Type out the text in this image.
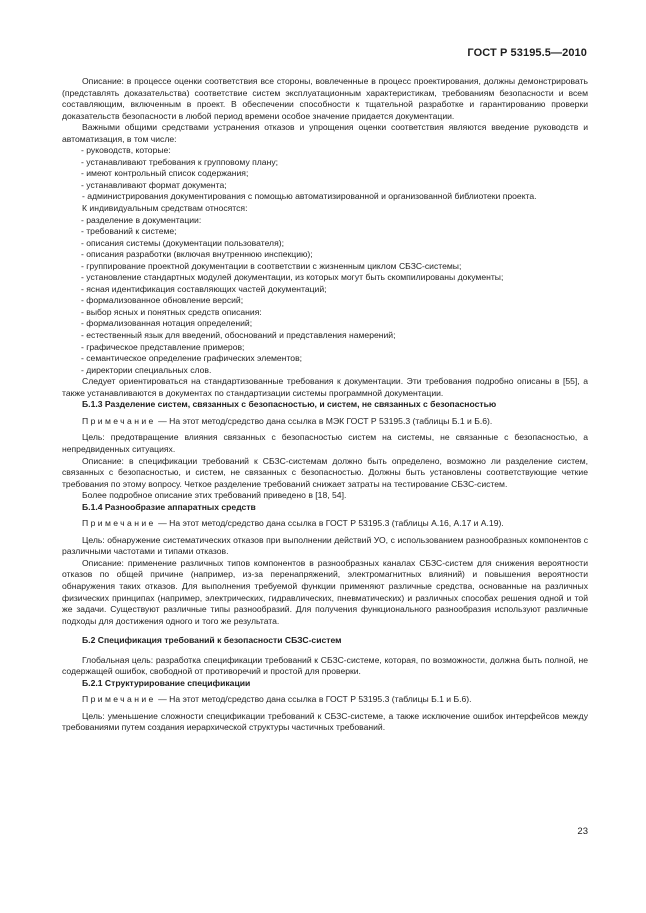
ГОСТ Р 53195.5—2010

Описание: в процессе оценки соответствия все стороны, вовлеченные в процесс проектирования, должны демонстрировать (представлять доказательства) соответствие систем эксплуатационным характеристикам, требованиям безопасности и всем составляющим, включенным в проект. В обеспечении способности к тщательной разработке и гарантированию проверки доказательств безопасности в любой период времени особое значение придается документации.

Важными общими средствами устранения отказов и упрощения оценки соответствия являются введение руководств и автоматизация, в том числе:

- руководств, которые:

- устанавливают требования к групповому плану;

- имеют контрольный список содержания;

- устанавливают формат документа;

- администрирования документирования с помощью автоматизированной и организованной библиотеки проекта.

К индивидуальным средствам относятся:

- разделение в документации:

- требований к системе;

- описания системы (документации пользователя);

- описания разработки (включая внутреннюю инспекцию);

- группирование проектной документации в соответствии с жизненным циклом СБЗС-системы;

- установление стандартных модулей документации, из которых могут быть скомпилированы документы;

- ясная идентификация составляющих частей документаций;

- формализованное обновление версий;

- выбор ясных и понятных средств описания:

- формализованная нотация определений;

- естественный язык для введений, обоснований и представления намерений;

- графическое представление примеров;

- семантическое определение графических элементов;

- директории специальных слов.

Следует ориентироваться на стандартизованные требования к документации. Эти требования подробно описаны в [55], а также устанавливаются в документах по стандартизации системы программной документации.

Б.1.3 Разделение систем, связанных с безопасностью, и систем, не связанных с безопасностью

Примечание — На этот метод/средство дана ссылка в МЭК ГОСТ Р 53195.3 (таблицы Б.1 и Б.6).

Цель: предотвращение влияния связанных с безопасностью систем на системы, не связанные с безопасностью, а непредвиденных ситуациях.

Описание: в спецификации требований к СБЗС-системам должно быть определено, возможно ли разделение систем, связанных с безопасностью, и систем, не связанных с безопасностью. Должны быть установлены соответствующие четкие требования по этому вопросу. Четкое разделение требований снижает затраты на тестирование СБЗС-систем.

Более подробное описание этих требований приведено в [18, 54].

Б.1.4 Разнообразие аппаратных средств

Примечание — На этот метод/средство дана ссылка в ГОСТ Р 53195.3 (таблицы А.16, А.17 и А.19).

Цель: обнаружение систематических отказов при выполнении действий УО, с использованием разнообразных компонентов с различными частотами и типами отказов.

Описание: применение различных типов компонентов в разнообразных каналах СБЗС-систем для снижения вероятности отказов по общей причине (например, из-за перенапряжений, электромагнитных влияний) и повышения вероятности обнаружения таких отказов. Для выполнения требуемой функции применяют различные средства, основанные на различных физических принципах (например, электрических, гидравлических, пневматических) и различных способах решения одной и той же задачи. Существуют различные типы разнообразий. Для получения функционального разнообразия используют различные подходы для достижения одного и того же результата.

Б.2 Спецификация требований к безопасности СБЗС-систем

Глобальная цель: разработка спецификации требований к СБЗС-системе, которая, по возможности, должна быть полной, не содержащей ошибок, свободной от противоречий и простой для проверки.

Б.2.1 Структурирование спецификации

Примечание — На этот метод/средство дана ссылка в ГОСТ Р 53195.3 (таблицы Б.1 и Б.6).

Цель: уменьшение сложности спецификации требований к СБЗС-системе, а также исключение ошибок интерфейсов между требованиями путем создания иерархической структуры частичных требований.

23
